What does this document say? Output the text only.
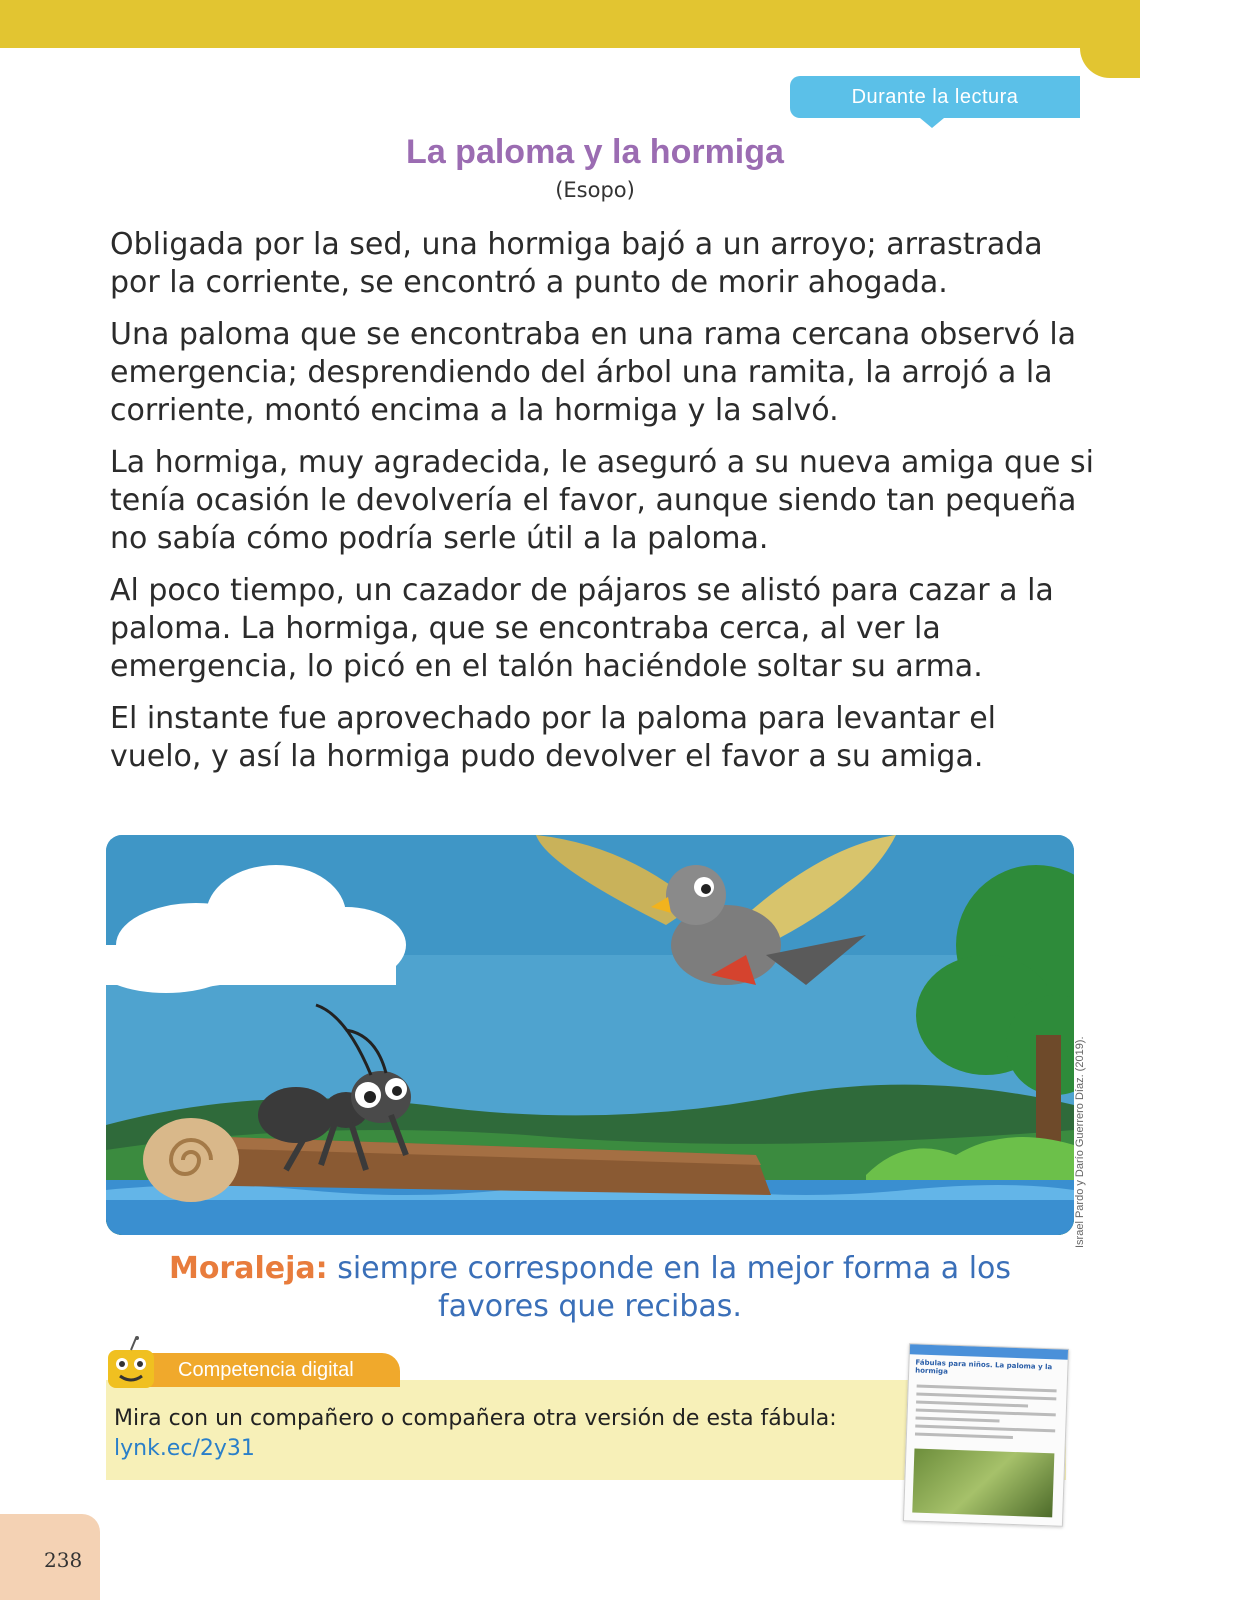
Durante la lectura
La paloma y la hormiga
(Esopo)

Obligada por la sed, una hormiga bajó a un arroyo; arrastrada por la corriente, se encontró a punto de morir ahogada.

Una paloma que se encontraba en una rama cercana observó la emergencia; desprendiendo del árbol una ramita, la arrojó a la corriente, montó encima a la hormiga y la salvó.

La hormiga, muy agradecida, le aseguró a su nueva amiga que si tenía ocasión le devolvería el favor, aunque siendo tan pequeña no sabía cómo podría serle útil a la paloma.

Al poco tiempo, un cazador de pájaros se alistó para cazar a la paloma. La hormiga, que se encontraba cerca, al ver la emergencia, lo picó en el talón haciéndole soltar su arma.

El instante fue aprovechado por la paloma para levantar el vuelo, y así la hormiga pudo devolver el favor a su amiga.

Israel Pardo y Darío Guerrero Díaz. (2019).
Moraleja: siempre corresponde en la mejor forma a los favores que recibas.
Competencia digital
Mira con un compañero o compañera otra versión de esta fábula:
lynk.ec/2y31
Fábulas para niños. La paloma y la hormiga
238
